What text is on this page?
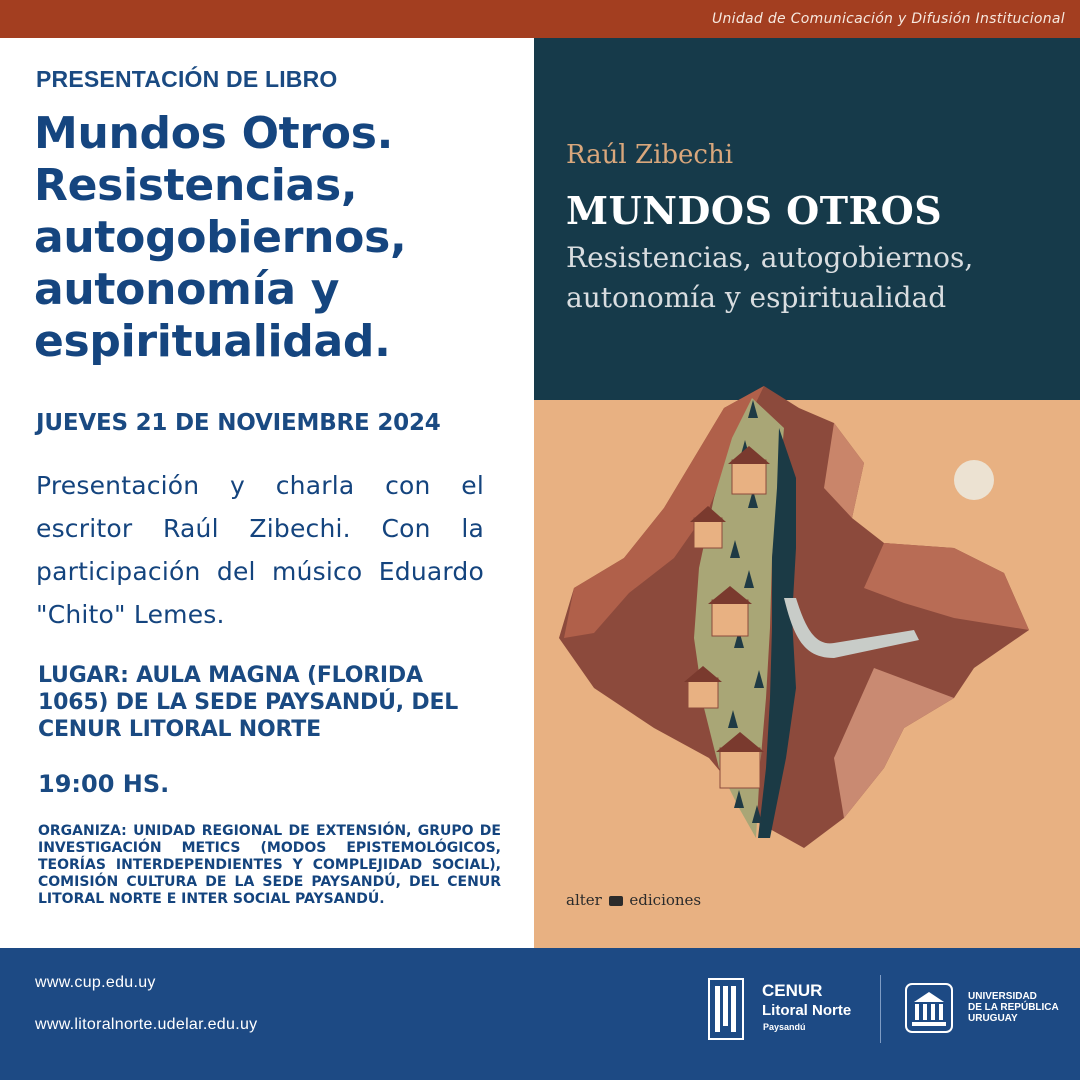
Unidad de Comunicación y Difusión Institucional
PRESENTACIÓN DE LIBRO
Mundos Otros.
Resistencias,
autogobiernos,
autonomía y
espiritualidad.
JUEVES 21 DE NOVIEMBRE 2024
Presentación y charla con el escritor Raúl Zibechi. Con la participación del músico Eduardo "Chito" Lemes.
LUGAR: AULA MAGNA (FLORIDA
1065) DE LA SEDE PAYSANDÚ, DEL
CENUR LITORAL NORTE
19:00 HS.
ORGANIZA: UNIDAD REGIONAL DE EXTENSIÓN, GRUPO DE INVESTIGACIÓN METICS (MODOS EPISTEMOLÓGICOS, TEORÍAS INTERDEPENDIENTES Y COMPLEJIDAD SOCIAL), COMISIÓN CULTURA DE LA SEDE PAYSANDÚ, DEL CENUR LITORAL NORTE E INTER SOCIAL PAYSANDÚ.
Raúl Zibechi
MUNDOS OTROS
Resistencias, autogobiernos,
autonomía y espiritualidad
alter ediciones
www.cup.edu.uy
www.litoralnorte.udelar.edu.uy
CENUR
Litoral Norte
Paysandú
UNIVERSIDAD
DE LA REPÚBLICA
URUGUAY
